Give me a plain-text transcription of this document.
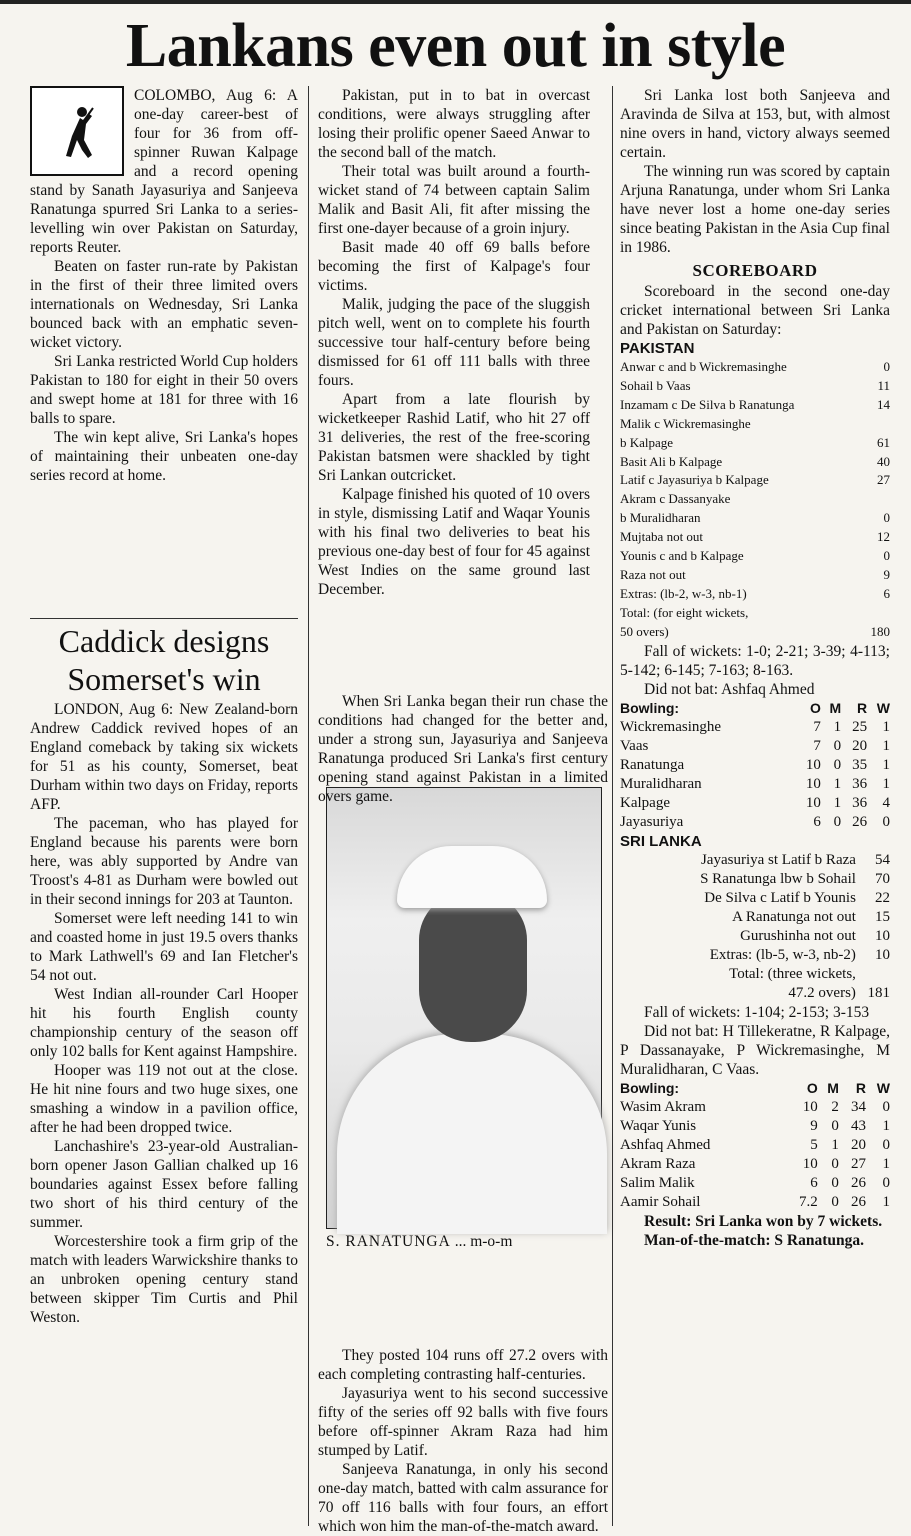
Lankans even out in style

COLOMBO, Aug 6: A one-day career-best of four for 36 from off-spinner Ruwan Kalpage and a record opening stand by Sanath Jayasuriya and Sanjeeva Ranatunga spurred Sri Lanka to a series-levelling win over Pakistan on Saturday, reports Reuter.

Beaten on faster run-rate by Pakistan in the first of their three limited overs internationals on Wednesday, Sri Lanka bounced back with an emphatic seven-wicket victory.

Sri Lanka restricted World Cup holders Pakistan to 180 for eight in their 50 overs and swept home at 181 for three with 16 balls to spare.

The win kept alive, Sri Lanka's hopes of maintaining their unbeaten one-day series record at home.

Caddick designs Somerset's win

LONDON, Aug 6: New Zealand-born Andrew Caddick revived hopes of an England comeback by taking six wickets for 51 as his county, Somerset, beat Durham within two days on Friday, reports AFP.

The paceman, who has played for England because his parents were born here, was ably supported by Andre van Troost's 4-81 as Durham were bowled out in their second innings for 203 at Taunton.

Somerset were left needing 141 to win and coasted home in just 19.5 overs thanks to Mark Lathwell's 69 and Ian Fletcher's 54 not out.

West Indian all-rounder Carl Hooper hit his fourth English county championship century of the season off only 102 balls for Kent against Hampshire.

Hooper was 119 not out at the close. He hit nine fours and two huge sixes, one smashing a window in a pavilion office, after he had been dropped twice.

Lanchashire's 23-year-old Australian-born opener Jason Gallian chalked up 16 boundaries against Essex before falling two short of his third century of the summer.

Worcestershire took a firm grip of the match with leaders Warwickshire thanks to an unbroken opening century stand between skipper Tim Curtis and Phil Weston.

Pakistan, put in to bat in overcast conditions, were always struggling after losing their prolific opener Saeed Anwar to the second ball of the match.

Their total was built around a fourth-wicket stand of 74 between captain Salim Malik and Basit Ali, fit after missing the first one-dayer because of a groin injury.

Basit made 40 off 69 balls before becoming the first of Kalpage's four victims.

Malik, judging the pace of the sluggish pitch well, went on to complete his fourth successive tour half-century before being dismissed for 61 off 111 balls with three fours.

Apart from a late flourish by wicketkeeper Rashid Latif, who hit 27 off 31 deliveries, the rest of the free-scoring Pakistan batsmen were shackled by tight Sri Lankan outcricket.

Kalpage finished his quoted of 10 overs in style, dismissing Latif and Waqar Younis with his final two deliveries to beat his previous one-day best of four for 45 against West Indies on the same ground last December.

When Sri Lanka began their run chase the conditions had changed for the better and, under a strong sun, Jayasuriya and Sanjeeva Ranatunga produced Sri Lanka's first century opening stand against Pakistan in a limited overs game.

S. RANATUNGA ... m-o-m

They posted 104 runs off 27.2 overs with each completing contrasting half-centuries.

Jayasuriya went to his second successive fifty of the series off 92 balls with five fours before off-spinner Akram Raza had him stumped by Latif.

Sanjeeva Ranatunga, in only his second one-day match, batted with calm assurance for 70 off 116 balls with four fours, an effort which won him the man-of-the-match award.

Sri Lanka lost both Sanjeeva and Aravinda de Silva at 153, but, with almost nine overs in hand, victory always seemed certain.

The winning run was scored by captain Arjuna Ranatunga, under whom Sri Lanka have never lost a home one-day series since beating Pakistan in the Asia Cup final in 1986.

SCOREBOARD

Scoreboard in the second one-day cricket international between Sri Lanka and Pakistan on Saturday:

PAKISTAN
Anwar c and b Wickremasinghe	0
Sohail b Vaas	11
Inzamam c De Silva b Ranatunga	14
Malik c Wickremasinghe	
b Kalpage	61
Basit Ali b Kalpage	40
Latif c Jayasuriya b Kalpage	27
Akram c Dassanyake	
b Muralidharan	0
Mujtaba not out	12
Younis c and b Kalpage	0
Raza not out	9
Extras: (lb-2, w-3, nb-1)	6
Total: (for eight wickets,	
50 overs)	180

Fall of wickets: 1-0; 2-21; 3-39; 4-113; 5-142; 6-145; 7-163; 8-163.

Did not bat: Ashfaq Ahmed

Bowling:	O	M	R	W
Wickremasinghe	7	1	25	1
Vaas	7	0	20	1
Ranatunga	10	0	35	1
Muralidharan	10	1	36	1
Kalpage	10	1	36	4
Jayasuriya	6	0	26	0
SRI LANKA
Jayasuriya st Latif b Raza	54
S Ranatunga lbw b Sohail	70
De Silva c Latif b Younis	22
A Ranatunga not out	15
Gurushinha not out	10
Extras: (lb-5, w-3, nb-2)	10
Total: (three wickets,	
47.2 overs)	181

Fall of wickets: 1-104; 2-153; 3-153

Did not bat: H Tillekeratne, R Kalpage, P Dassanayake, P Wickremasinghe, M Muralidharan, C Vaas.

Bowling:	O	M	R	W
Wasim Akram	10	2	34	0
Waqar Yunis	9	0	43	1
Ashfaq Ahmed	5	1	20	0
Akram Raza	10	0	27	1
Salim Malik	6	0	26	0
Aamir Sohail	7.2	0	26	1

Result: Sri Lanka won by 7 wickets.

Man-of-the-match: S Ranatunga.
